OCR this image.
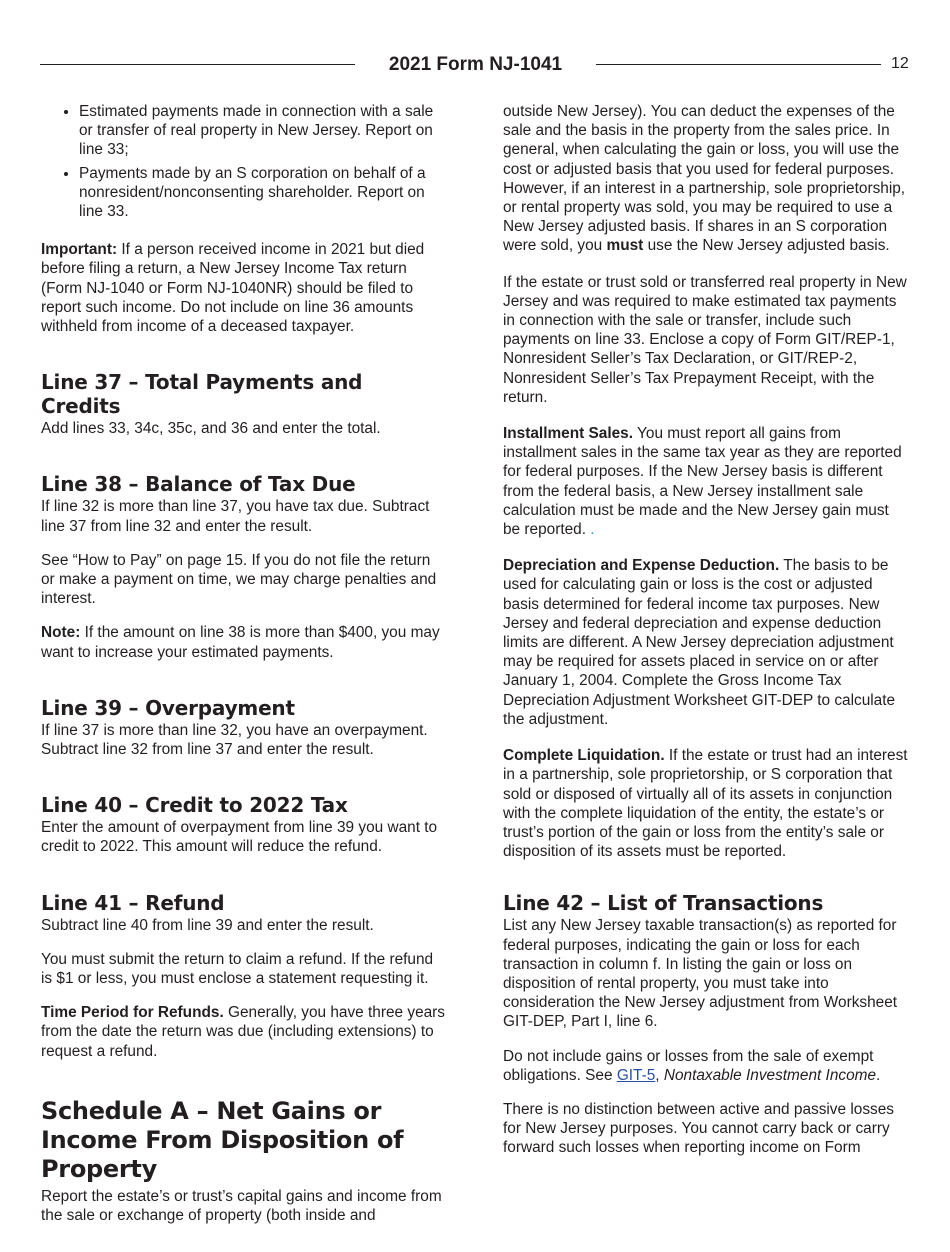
2021 Form NJ-1041	12
• Estimated payments made in connection with a sale or transfer of real property in New Jersey. Report on line 33;
• Payments made by an S corporation on behalf of a nonresident/nonconsenting shareholder. Report on line 33.

Important: If a person received income in 2021 but died before filing a return, a New Jersey Income Tax return (Form NJ-1040 or Form NJ-1040NR) should be filed to report such income. Do not include on line 36 amounts withheld from income of a deceased taxpayer.

Line 37 – Total Payments and Credits

Add lines 33, 34c, 35c, and 36 and enter the total.

Line 38 – Balance of Tax Due

If line 32 is more than line 37, you have tax due. Subtract line 37 from line 32 and enter the result.

See “How to Pay” on page 15. If you do not file the return or make a payment on time, we may charge penalties and interest.

Note: If the amount on line 38 is more than $400, you may want to increase your estimated payments.

Line 39 – Overpayment

If line 37 is more than line 32, you have an overpayment. Subtract line 32 from line 37 and enter the result.

Line 40 – Credit to 2022 Tax

Enter the amount of overpayment from line 39 you want to credit to 2022. This amount will reduce the refund.

Line 41 – Refund

Subtract line 40 from line 39 and enter the result.

You must submit the return to claim a refund. If the refund is $1 or less, you must enclose a statement requesting it.

Time Period for Refunds. Generally, you have three years from the date the return was due (including extensions) to request a refund.

Schedule A – Net Gains or Income From Disposition of Property

Report the estate’s or trust’s capital gains and income from the sale or exchange of property (both inside and

outside New Jersey). You can deduct the expenses of the sale and the basis in the property from the sales price. In general, when calculating the gain or loss, you will use the cost or adjusted basis that you used for federal purposes. However, if an interest in a partnership, sole proprietorship, or rental property was sold, you may be required to use a New Jersey adjusted basis. If shares in an S corporation were sold, you must use the New Jersey adjusted basis.

If the estate or trust sold or transferred real property in New Jersey and was required to make estimated tax payments in connection with the sale or transfer, include such payments on line 33. Enclose a copy of Form GIT/REP-1, Nonresident Seller’s Tax Declaration, or GIT/REP-2, Nonresident Seller’s Tax Prepayment Receipt, with the return.

Installment Sales. You must report all gains from installment sales in the same tax year as they are reported for federal purposes. If the New Jersey basis is different from the federal basis, a New Jersey installment sale calculation must be made and the New Jersey gain must be reported. .

Depreciation and Expense Deduction. The basis to be used for calculating gain or loss is the cost or adjusted basis determined for federal income tax purposes. New Jersey and federal depreciation and expense deduction limits are different. A New Jersey depreciation adjustment may be required for assets placed in service on or after January 1, 2004. Complete the Gross Income Tax Depreciation Adjustment Worksheet GIT-DEP to calculate the adjustment.

Complete Liquidation. If the estate or trust had an interest in a partnership, sole proprietorship, or S corporation that sold or disposed of virtually all of its assets in conjunction with the complete liquidation of the entity, the estate’s or trust’s portion of the gain or loss from the entity’s sale or disposition of its assets must be reported.

Line 42 – List of Transactions

List any New Jersey taxable transaction(s) as reported for federal purposes, indicating the gain or loss for each transaction in column f. In listing the gain or loss on disposition of rental property, you must take into consideration the New Jersey adjustment from Worksheet GIT-DEP, Part I, line 6.

Do not include gains or losses from the sale of exempt obligations. See GIT-5, Nontaxable Investment Income.

There is no distinction between active and passive losses for New Jersey purposes. You cannot carry back or carry forward such losses when reporting income on Form
